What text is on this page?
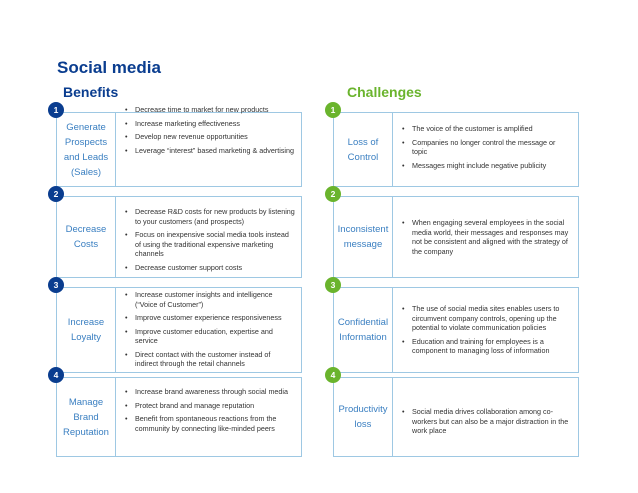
Social media
Benefits	Challenges
Generate
Prospects
and Leads
(Sales)
• Decrease time to market for new products
• Increase marketing effectiveness
• Develop new revenue opportunities
• Leverage “interest” based marketing & advertising
1
Loss of
Control
• The voice of the customer is amplified
• Companies no longer control the message or topic
• Messages might include negative publicity
1
Decrease
Costs
• Decrease R&D costs for new products by listening to your customers (and prospects)
• Focus on inexpensive social media tools instead of using the traditional expensive marketing channels
• Decrease customer support costs
2
Inconsistent
message
• When engaging several employees in the social media world, their messages and responses may not be consistent and aligned with the strategy of the company
2
Increase
Loyalty
• Increase customer insights and intelligence (“Voice of Customer”)
• Improve customer experience responsiveness
• Improve customer education, expertise and service
• Direct contact with the customer instead of indirect through the retail channels
3
Confidential
Information
• The use of social media sites enables users to circumvent company controls, opening up the potential to violate communication policies
• Education and training for employees is a component to managing loss of information
3
Manage
Brand
Reputation
• Increase brand awareness through social media
• Protect brand and manage reputation
• Benefit from spontaneous reactions from the community by connecting like-minded peers
4
Productivity
loss
• Social media drives collaboration among co-workers but can also be a major distraction in the work place
4
